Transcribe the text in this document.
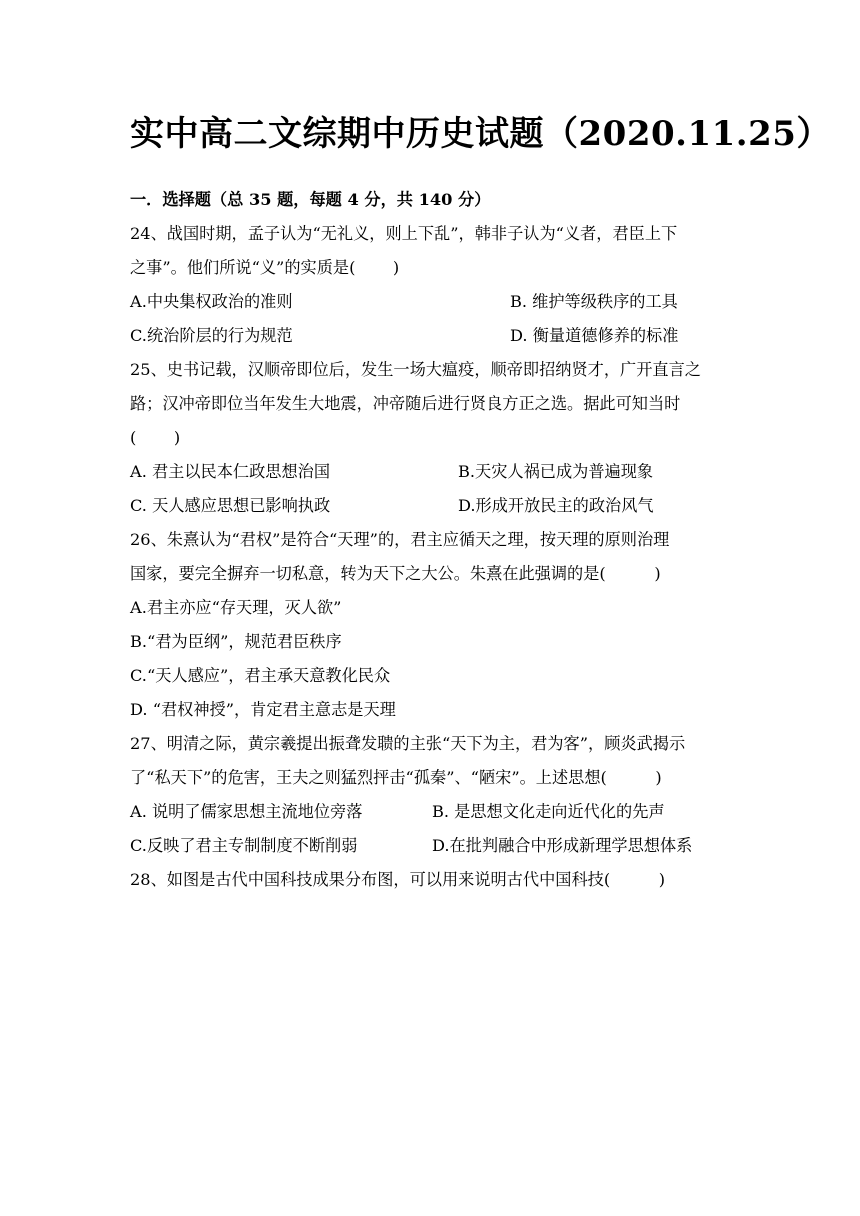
实中高二文综期中历史试题（2020.11.25）
一．选择题（总 35 题，每题 4 分，共 140 分）
24、战国时期，孟子认为“无礼义，则上下乱”，韩非子认为“义者，君臣上下
之事”。他们所说“义”的实质是(　　 )
A.中央集权政治的准则	B. 维护等级秩序的工具
C.统治阶层的行为规范	D. 衡量道德修养的标准
25、史书记载，汉顺帝即位后，发生一场大瘟疫，顺帝即招纳贤才，广开直言之
路；汉冲帝即位当年发生大地震，冲帝随后进行贤良方正之选。据此可知当时
(　　 )
A. 君主以民本仁政思想治国	B.天灾人祸已成为普遍现象
C. 天人感应思想已影响执政	D.形成开放民主的政治风气
26、朱熹认为“君权”是符合“天理”的，君主应循天之理，按天理的原则治理
国家，要完全摒弃一切私意，转为天下之大公。朱熹在此强调的是(　　　)
A.君主亦应“存天理，灭人欲”
B.“君为臣纲”，规范君臣秩序
C.“天人感应”，君主承天意教化民众
D. “君权神授”，肯定君主意志是天理
27、明清之际，黄宗羲提出振聋发聩的主张“天下为主，君为客”，顾炎武揭示
了“私天下”的危害，王夫之则猛烈抨击“孤秦”、“陋宋”。上述思想(　　　)
A. 说明了儒家思想主流地位旁落	B. 是思想文化走向近代化的先声
C.反映了君主专制制度不断削弱	D.在批判融合中形成新理学思想体系
28、如图是古代中国科技成果分布图，可以用来说明古代中国科技(　　　)
